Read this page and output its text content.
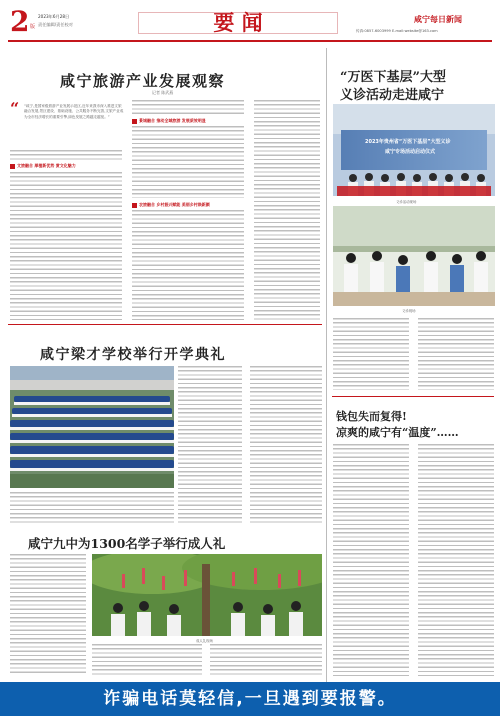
2 版
2023年6月28日
责任编辑/责任校对	要 闻	咸宁每日新闻
传真:0857-6003999 E-mail:website@163.com
咸宁旅游产业发展观察
记者 陈武燕
“ “咸宁,是国家级旅游产业发展示范区,近年来我市深入推进文旅融合发展,景区建设、基础设施、公共服务不断完善,文旅产业成为全市经济增长的重要引擎,绿色发展之路越走越宽。”
文旅融合 厚植新优势 赏文化魅力
景城融合 推动全域旅游 发展质效明显
农旅融合 乡村振兴赋能 美丽乡村焕新颜
“万医下基层”大型
义诊活动走进咸宁
2023年贵州省“万医下基层”大型义诊
咸宁专场活动启动仪式
义诊活动现场
义诊现场
咸宁梁才学校举行开学典礼
咸宁九中为1300名学子举行成人礼
成人礼现场
钱包失而复得!
凉爽的咸宁有“温度”……
诈骗电话莫轻信,一旦遇到要报警。
